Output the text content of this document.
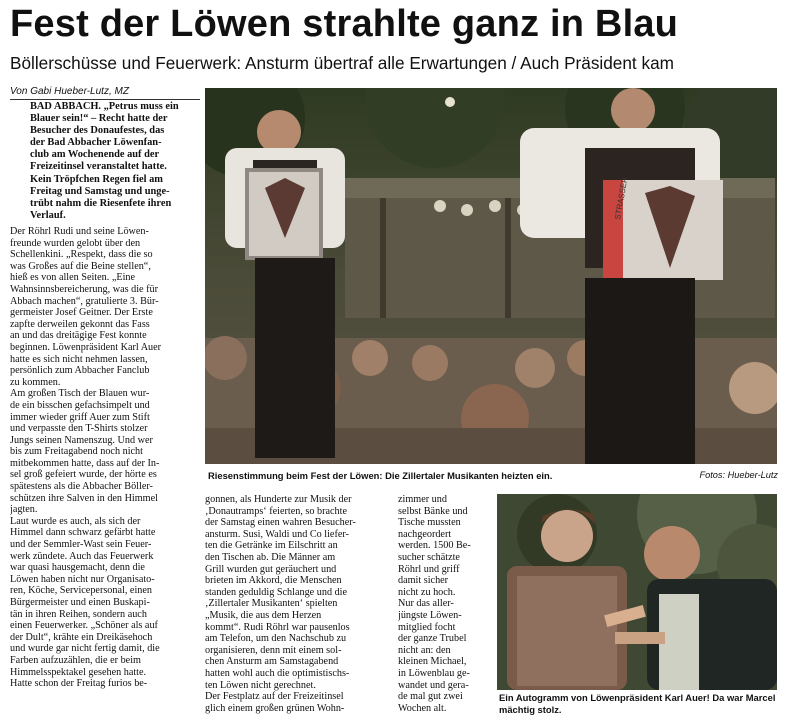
Fest der Löwen strahlte ganz in Blau
Böllerschüsse und Feuerwerk: Ansturm übertraf alle Erwartungen / Auch Präsident kam
Von Gabi Hueber-Lutz, MZ
BAD ABBACH. „Petrus muss ein
Blauer sein!“ – Recht hatte der
Besucher des Donaufestes, das
der Bad Abbacher Löwenfan-
club am Wochenende auf der
Freizeitinsel veranstaltet hatte.
Kein Tröpfchen Regen fiel am
Freitag und Samstag und unge-
trübt nahm die Riesenfete ihren
Verlauf.
Der Röhrl Rudi und seine Löwen-
freunde wurden gelobt über den
Schellenkini. „Respekt, dass die so
was Großes auf die Beine stellen“,
hieß es von allen Seiten. „Eine
Wahnsinnsbereicherung, was die für
Abbach machen“, gratulierte 3. Bür-
germeister Josef Geitner. Der Erste
zapfte derweilen gekonnt das Fass
an und das dreitägige Fest konnte
beginnen. Löwenpräsident Karl Auer
hatte es sich nicht nehmen lassen,
persönlich zum Abbacher Fanclub
zu kommen.
Am großen Tisch der Blauen wur-
de ein bisschen gefachsimpelt und
immer wieder griff Auer zum Stift
und verpasste den T-Shirts stolzer
Jungs seinen Namenszug. Und wer
bis zum Freitagabend noch nicht
mitbekommen hatte, dass auf der In-
sel groß gefeiert wurde, der hörte es
spätestens als die Abbacher Böller-
schützen ihre Salven in den Himmel
jagten.
Laut wurde es auch, als sich der
Himmel dann schwarz gefärbt hatte
und der Semmler-Wast sein Feuer-
werk zündete. Auch das Feuerwerk
war quasi hausgemacht, denn die
Löwen haben nicht nur Organisato-
ren, Köche, Servicepersonal, einen
Bürgermeister und einen Buskapi-
tän in ihren Reihen, sondern auch
einen Feuerwerker. „Schöner als auf
der Dult“, krähte ein Dreikäsehoch
und wurde gar nicht fertig damit, die
Farben aufzuzählen, die er beim
Himmelsspektakel gesehen hatte.
Hatte schon der Freitag furios be-
gonnen, als Hunderte zur Musik der
‚Donautramps‘ feierten, so brachte
der Samstag einen wahren Besucher-
ansturm. Susi, Waldi und Co liefer-
ten die Getränke im Eilschritt an
den Tischen ab. Die Männer am
Grill wurden gut geräuchert und
brieten im Akkord, die Menschen
standen geduldig Schlange und die
‚Zillertaler Musikanten‘ spielten
„Musik, die aus dem Herzen
kommt“. Rudi Röhrl war pausenlos
am Telefon, um den Nachschub zu
organisieren, denn mit einem sol-
chen Ansturm am Samstagabend
hatten wohl auch die optimistischs-
ten Löwen nicht gerechnet.
Der Festplatz auf der Freizeitinsel
glich einem großen grünen Wohn-
zimmer und
selbst Bänke und
Tische mussten
nachgeordert
werden. 1500 Be-
sucher schätzte
Röhrl und griff
damit sicher
nicht zu hoch.
Nur das aller-
jüngste Löwen-
mitglied focht
der ganze Trubel
nicht an: den
kleinen Michael,
in Löwenblau ge-
wandet und gera-
de mal gut zwei
Wochen alt.
STRASSER
Riesenstimmung beim Fest der Löwen: Die Zillertaler Musikanten heizten ein.	Fotos: Hueber-Lutz
Ein Autogramm von Löwenpräsident Karl Auer! Da war Marcel mächtig stolz.
